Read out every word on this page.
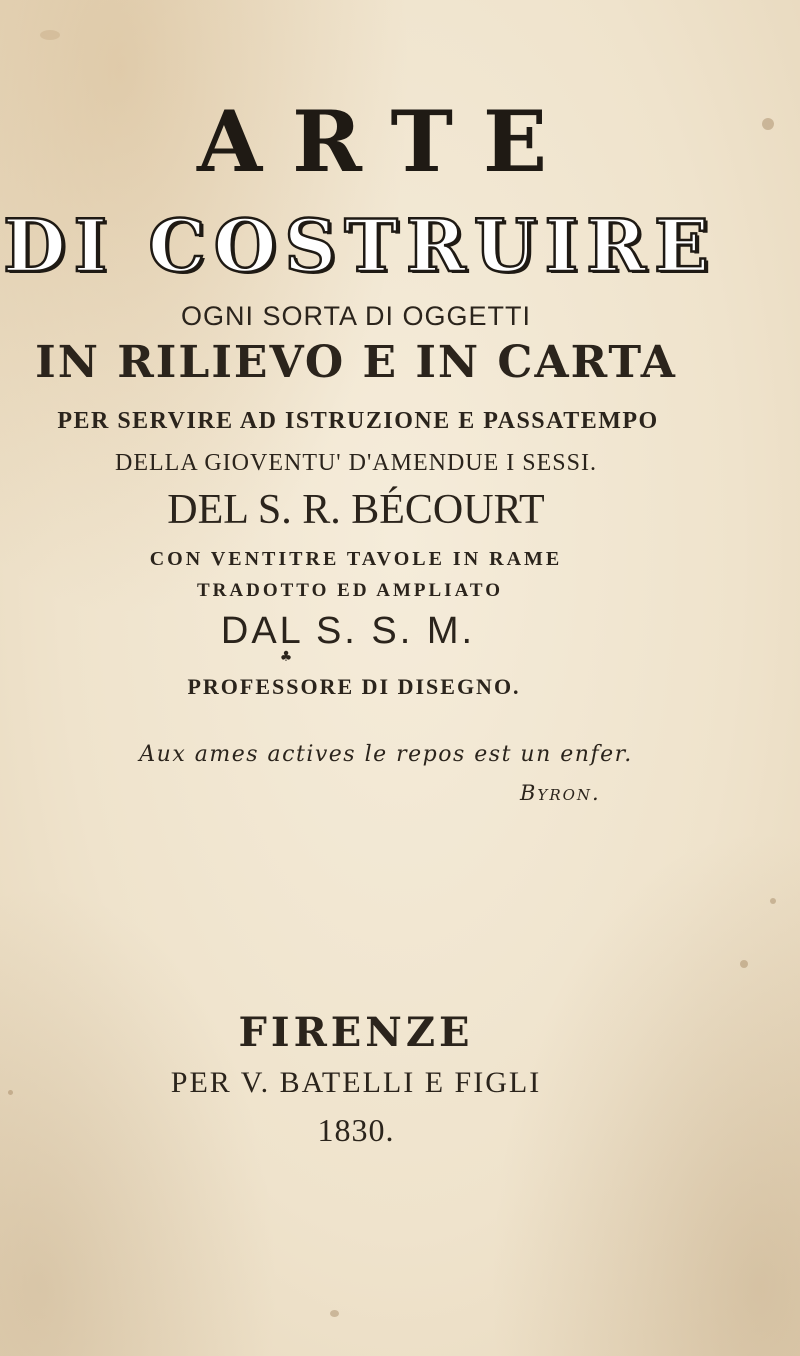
ARTE
DI COSTRUIRE
OGNI SORTA DI OGGETTI
IN RILIEVO E IN CARTA
PER SERVIRE AD ISTRUZIONE E PASSATEMPO
DELLA GIOVENTU' D'AMENDUE I SESSI.
DEL S. R. BÉCOURT
CON VENTITRE TAVOLE IN RAME
TRADOTTO ED AMPLIATO
DAL S. S. M.
♣
PROFESSORE DI DISEGNO.
Aux ames actives le repos est un enfer.
Byron.
FIRENZE
PER V. BATELLI E FIGLI
1830.
